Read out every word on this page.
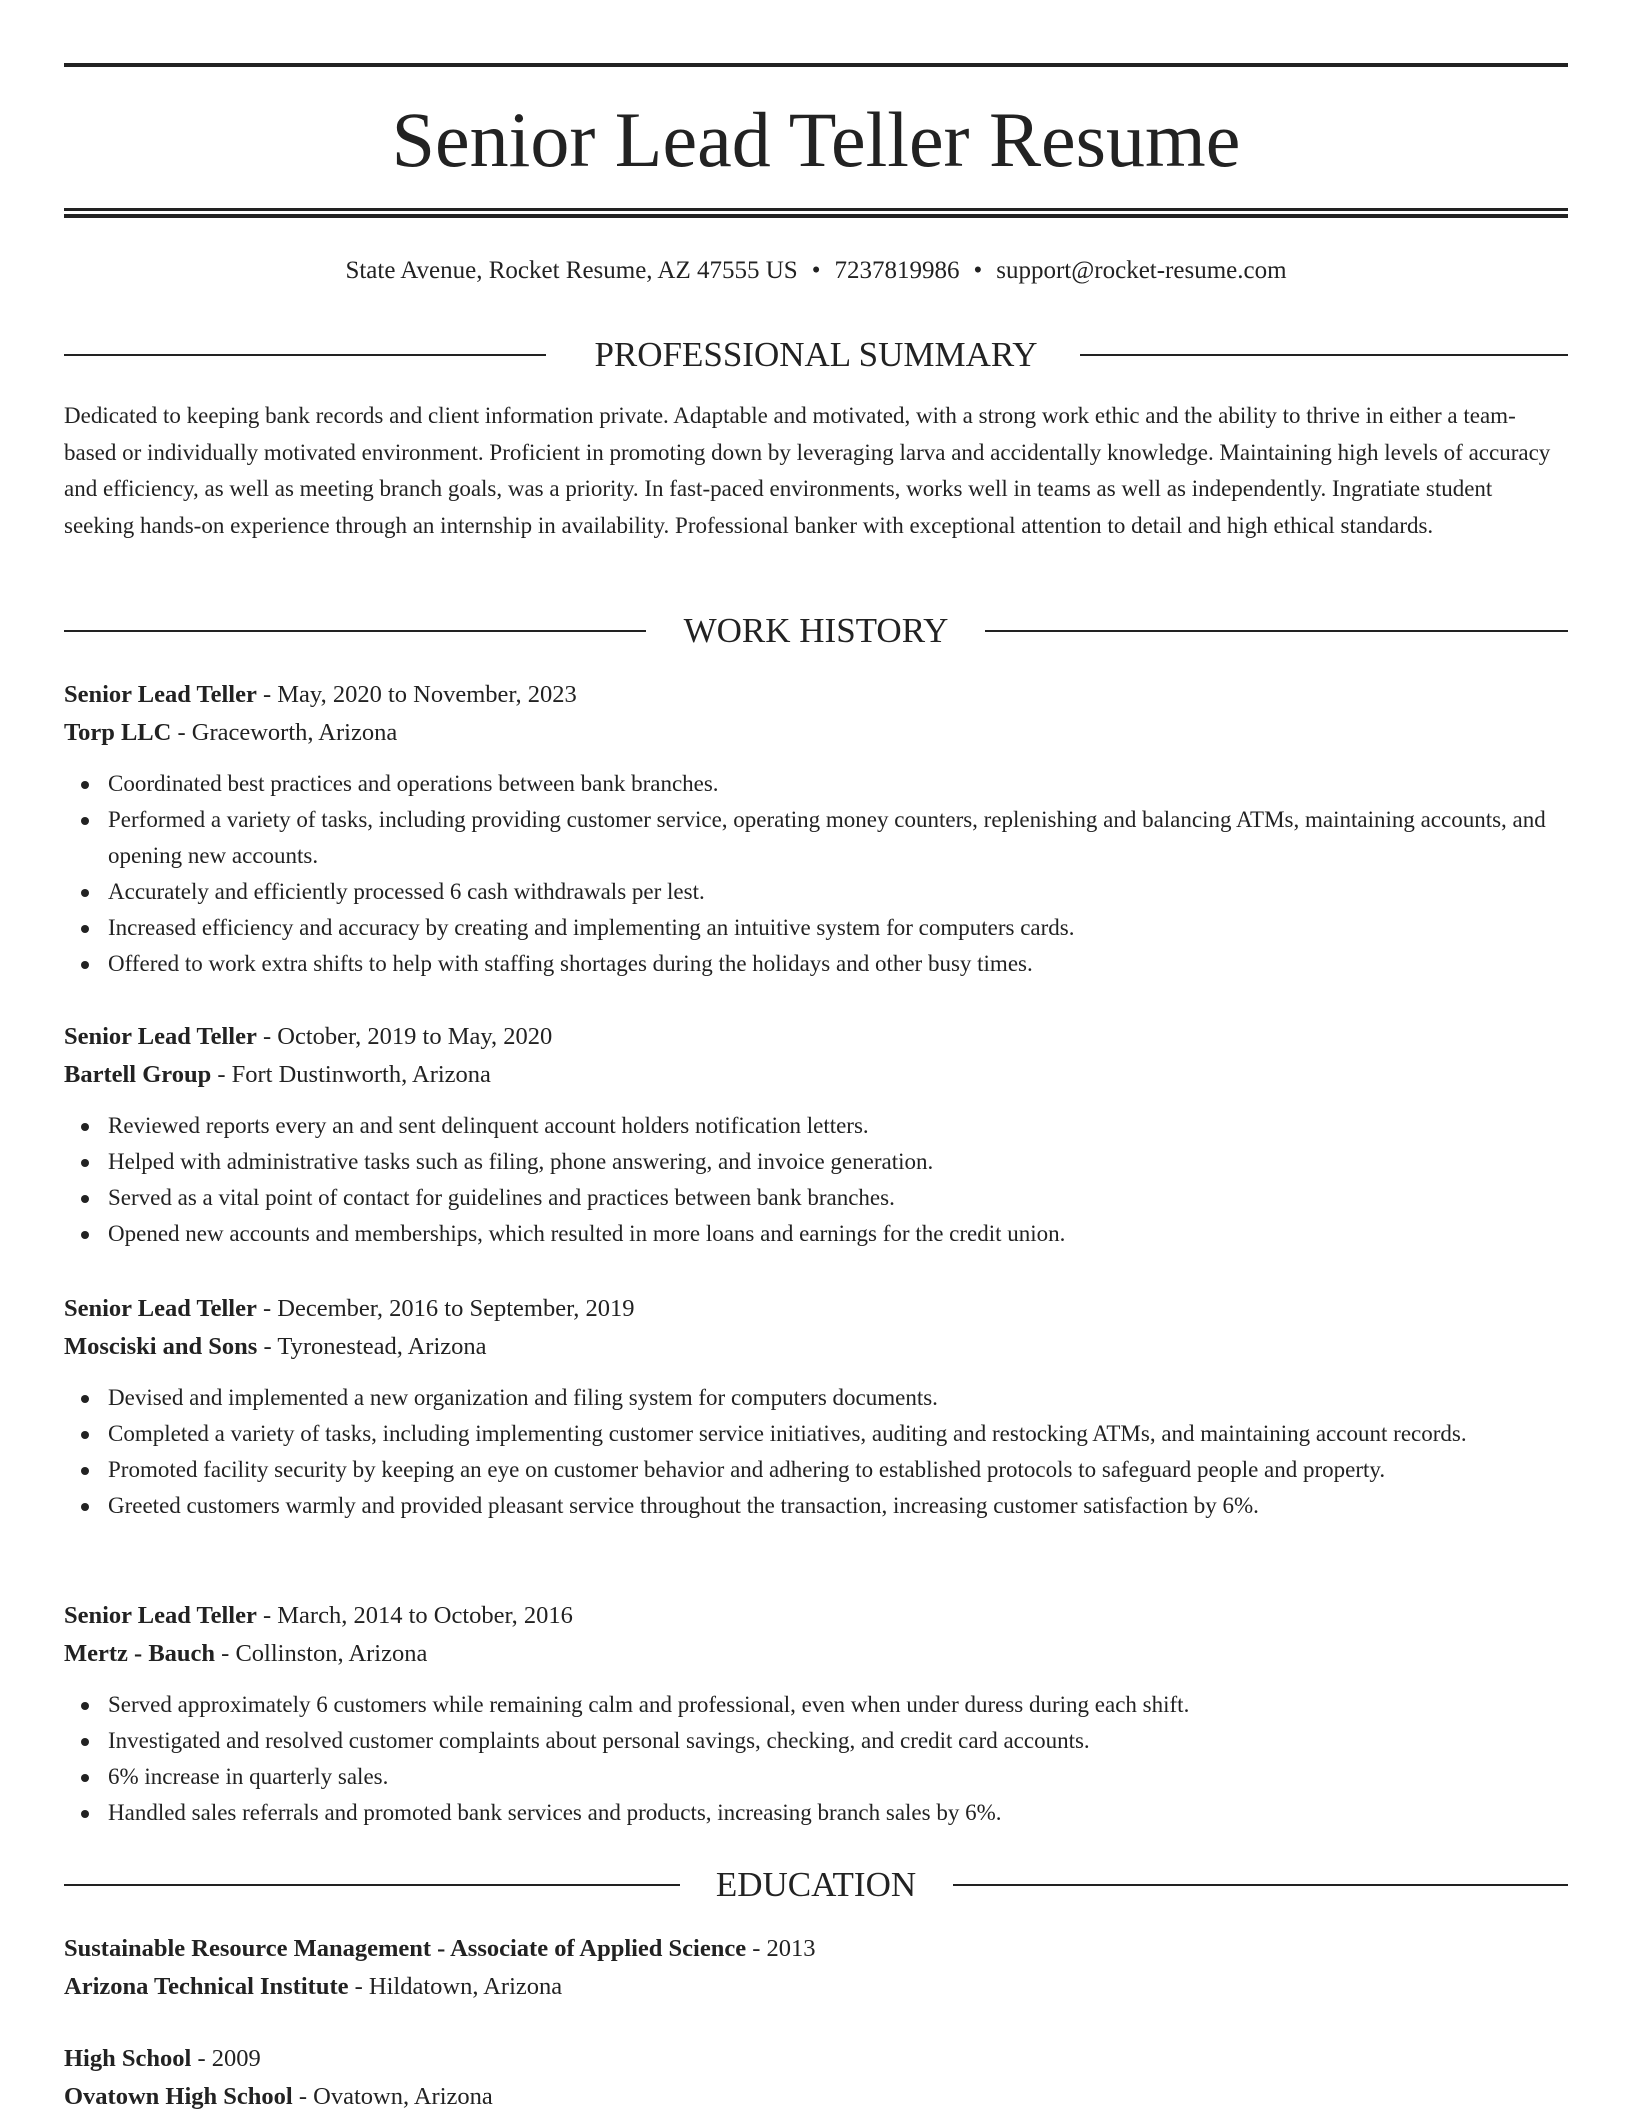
Senior Lead Teller Resume
State Avenue, Rocket Resume, AZ 47555 US • 7237819986 • support@rocket-resume.com
PROFESSIONAL SUMMARY

Dedicated to keeping bank records and client information private. Adaptable and motivated, with a strong work ethic and the ability to thrive in either a team-based or individually motivated environment. Proficient in promoting down by leveraging larva and accidentally knowledge. Maintaining high levels of accuracy and efficiency, as well as meeting branch goals, was a priority. In fast-paced environments, works well in teams as well as independently. Ingratiate student seeking hands-on experience through an internship in availability. Professional banker with exceptional attention to detail and high ethical standards.

WORK HISTORY
Senior Lead Teller - May, 2020 to November, 2023
Torp LLC - Graceworth, Arizona
Coordinated best practices and operations between bank branches.
Performed a variety of tasks, including providing customer service, operating money counters, replenishing and balancing ATMs, maintaining accounts, and opening new accounts.
Accurately and efficiently processed 6 cash withdrawals per lest.
Increased efficiency and accuracy by creating and implementing an intuitive system for computers cards.
Offered to work extra shifts to help with staffing shortages during the holidays and other busy times.
Senior Lead Teller - October, 2019 to May, 2020
Bartell Group - Fort Dustinworth, Arizona
Reviewed reports every an and sent delinquent account holders notification letters.
Helped with administrative tasks such as filing, phone answering, and invoice generation.
Served as a vital point of contact for guidelines and practices between bank branches.
Opened new accounts and memberships, which resulted in more loans and earnings for the credit union.
Senior Lead Teller - December, 2016 to September, 2019
Mosciski and Sons - Tyronestead, Arizona
Devised and implemented a new organization and filing system for computers documents.
Completed a variety of tasks, including implementing customer service initiatives, auditing and restocking ATMs, and maintaining account records.
Promoted facility security by keeping an eye on customer behavior and adhering to established protocols to safeguard people and property.
Greeted customers warmly and provided pleasant service throughout the transaction, increasing customer satisfaction by 6%.
Senior Lead Teller - March, 2014 to October, 2016
Mertz - Bauch - Collinston, Arizona
Served approximately 6 customers while remaining calm and professional, even when under duress during each shift.
Investigated and resolved customer complaints about personal savings, checking, and credit card accounts.
6% increase in quarterly sales.
Handled sales referrals and promoted bank services and products, increasing branch sales by 6%.
EDUCATION
Sustainable Resource Management - Associate of Applied Science - 2013
Arizona Technical Institute - Hildatown, Arizona
High School - 2009
Ovatown High School - Ovatown, Arizona
